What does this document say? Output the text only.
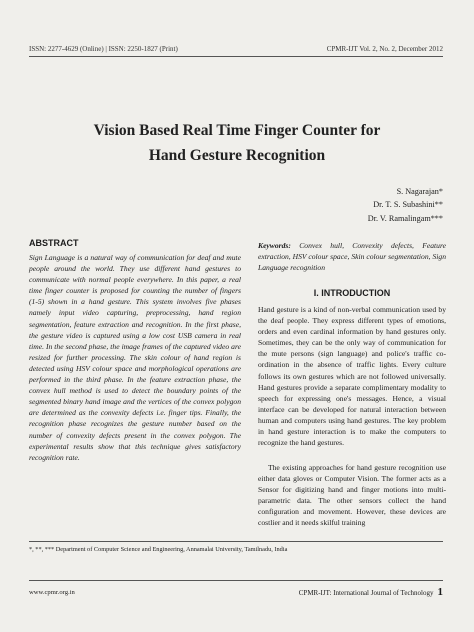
ISSN: 2277-4629 (Online) | ISSN: 2250-1827 (Print)	CPMR-IJT Vol. 2, No. 2, December 2012
Vision Based Real Time Finger Counter for
Hand Gesture Recognition
S. Nagarajan*
Dr. T. S. Subashini**
Dr. V. Ramalingam***
ABSTRACT

Sign Language is a natural way of communication for deaf and mute people around the world. They use different hand gestures to communicate with normal people everywhere. In this paper, a real time finger counter is proposed for counting the number of fingers (1-5) shown in a hand gesture. This system involves five phases namely input video capturing, preprocessing, hand region segmentation, feature extraction and recognition. In the first phase, the gesture video is captured using a low cost USB camera in real time. In the second phase, the image frames of the captured video are resized for further processing. The skin colour of hand region is detected using HSV colour space and morphological operations are performed in the third phase. In the feature extraction phase, the convex hull method is used to detect the boundary points of the segmented binary hand image and the vertices of the convex polygon are determined as the convexity defects i.e. finger tips. Finally, the recognition phase recognizes the gesture number based on the number of convexity defects present in the convex polygon. The experimental results show that this technique gives satisfactory recognition rate.

Keywords: Convex hull, Convexity defects, Feature extraction, HSV colour space, Skin colour segmentation, Sign Language recognition

I. INTRODUCTION

Hand gesture is a kind of non-verbal communication used by the deaf people. They express different types of emotions, orders and even cardinal information by hand gestures only. Sometimes, they can be the only way of communication for the mute persons (sign language) and police's traffic co-ordination in the absence of traffic lights. Every culture follows its own gestures which are not followed universally. Hand gestures provide a separate complimentary modality to speech for expressing one's messages. Hence, a visual interface can be developed for natural interaction between human and computers using hand gestures. The key problem in hand gesture interaction is to make the computers to recognize the hand gestures.

The existing approaches for hand gesture recognition use either data gloves or Computer Vision. The former acts as a Sensor for digitizing hand and finger motions into multi-parametric data. The other sensors collect the hand configuration and movement. However, these devices are costlier and it needs skilful training

*, **, *** Department of Computer Science and Engineering, Annamalai University, Tamilnadu, India
www.cpmr.org.in	CPMR-IJT: International Journal of Technology 1
